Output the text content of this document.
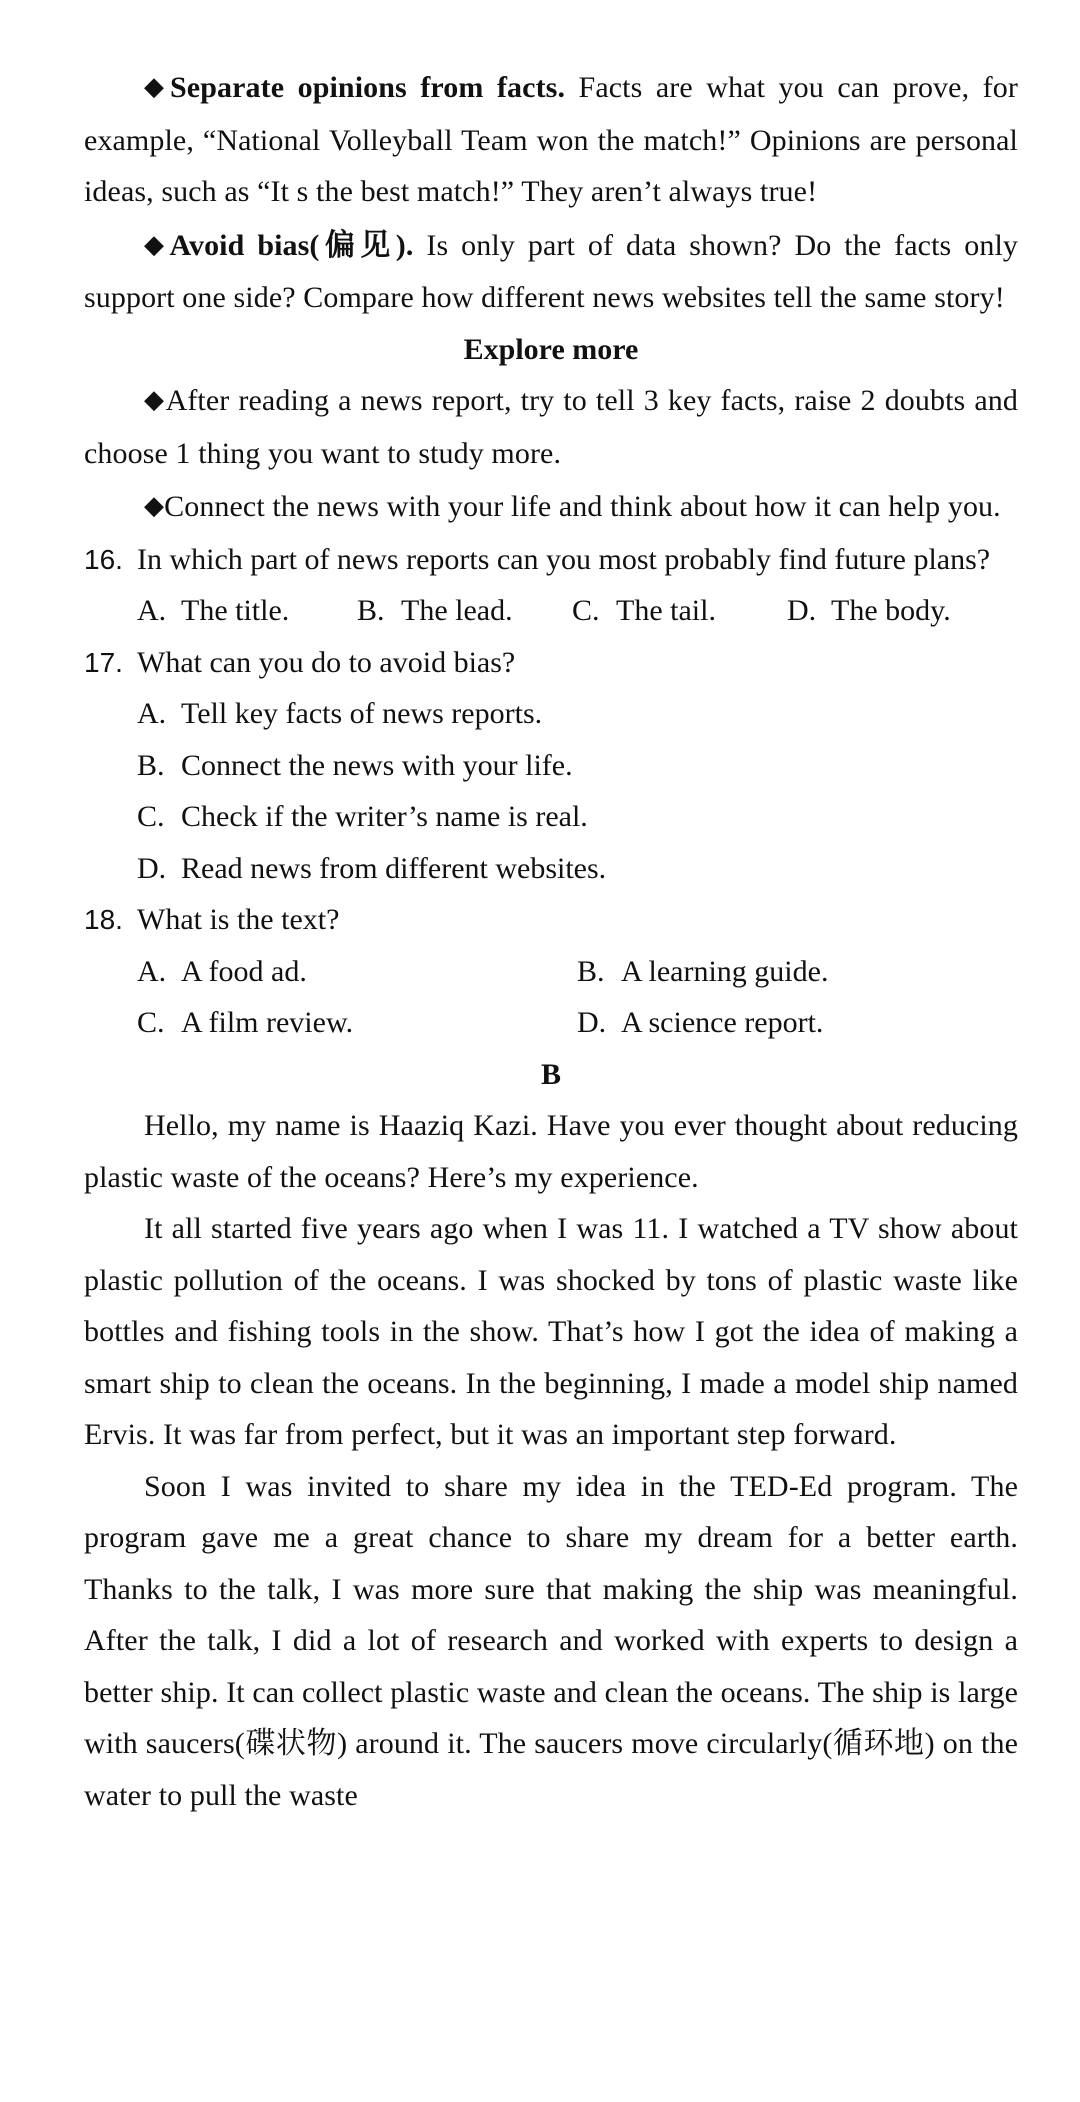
◆Separate opinions from facts. Facts are what you can prove, for example, “National Volleyball Team won the match!” Opinions are personal ideas, such as “It s the best match!” They aren’t always true!

◆Avoid bias(偏见). Is only part of data shown? Do the facts only support one side? Compare how different news websites tell the same story!

Explore more

◆After reading a news report, try to tell 3 key facts, raise 2 doubts and choose 1 thing you want to study more.

◆Connect the news with your life and think about how it can help you.

16. In which part of news reports can you most probably find future plans?

A. The title.	B. The lead.	C. The tail.	D. The body.

17. What can you do to avoid bias?

A. Tell key facts of news reports.
B. Connect the news with your life.
C. Check if the writer’s name is real.
D. Read news from different websites.

18. What is the text?

A. A food ad.	B. A learning guide.
C. A film review.	D. A science report.

B

Hello, my name is Haaziq Kazi. Have you ever thought about reducing plastic waste of the oceans? Here’s my experience.

It all started five years ago when I was 11. I watched a TV show about plastic pollution of the oceans. I was shocked by tons of plastic waste like bottles and fishing tools in the show. That’s how I got the idea of making a smart ship to clean the oceans. In the beginning, I made a model ship named Ervis. It was far from perfect, but it was an important step forward.

Soon I was invited to share my idea in the TED-Ed program. The program gave me a great chance to share my dream for a better earth. Thanks to the talk, I was more sure that making the ship was meaningful. After the talk, I did a lot of research and worked with experts to design a better ship. It can collect plastic waste and clean the oceans. The ship is large with saucers(碟状物) around it. The saucers move circularly(循环地) on the water to pull the waste
